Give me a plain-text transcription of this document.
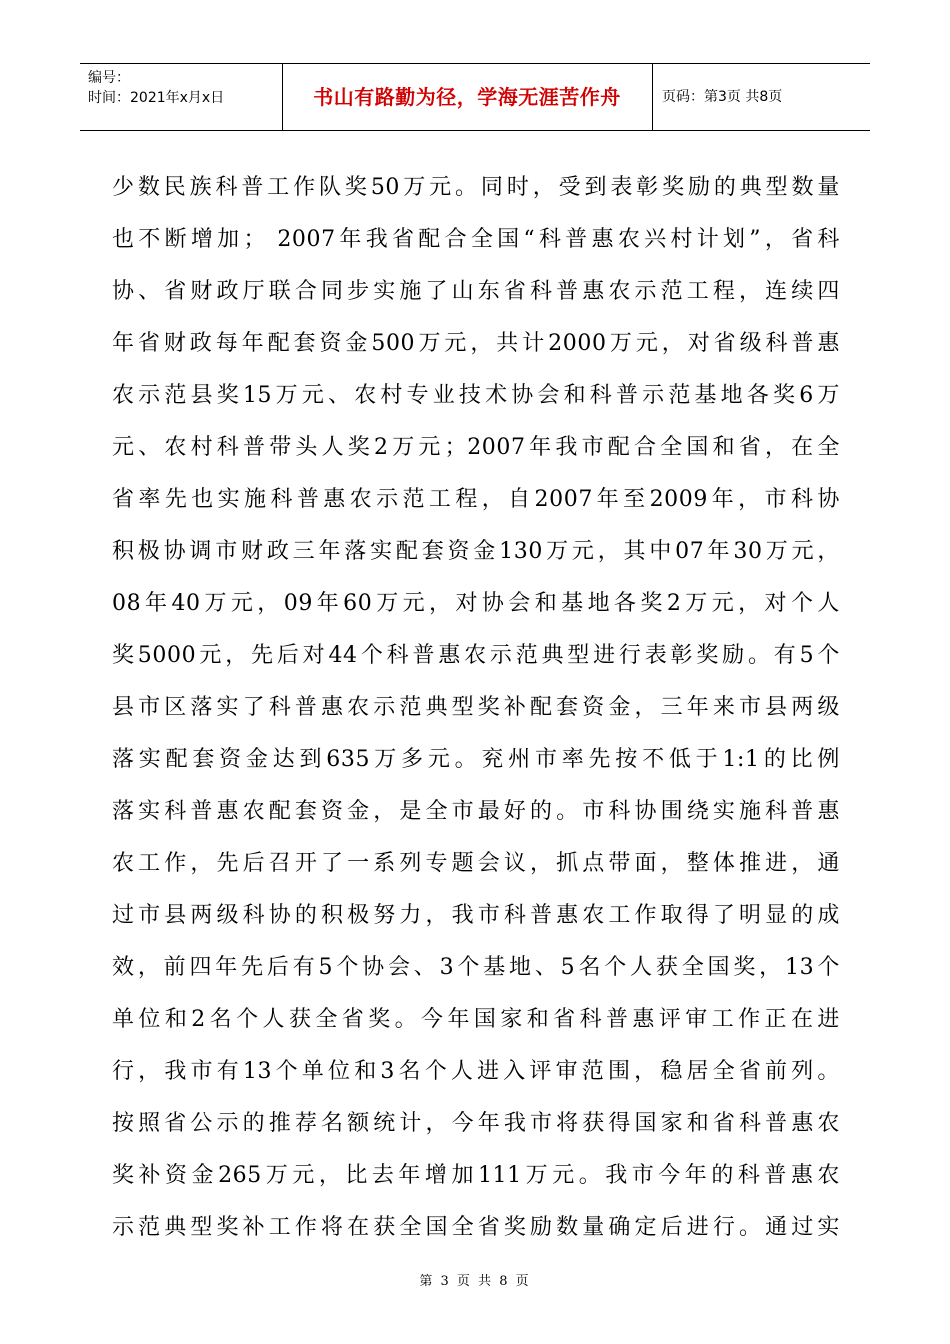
编号：
时间：2021年x月x日	书山有路勤为径，学海无涯苦作舟	页码：第3页 共8页
少数民族科普工作队奖50万元。同时，受到表彰奖励的典型数量
也不断增加； 2007年我省配合全国“科普惠农兴村计划”，省科
协、省财政厅联合同步实施了山东省科普惠农示范工程，连续四
年省财政每年配套资金500万元，共计2000万元，对省级科普惠
农示范县奖15万元、农村专业技术协会和科普示范基地各奖6万
元、农村科普带头人奖2万元；2007年我市配合全国和省，在全
省率先也实施科普惠农示范工程，自2007年至2009年，市科协
积极协调市财政三年落实配套资金130万元，其中07年30万元，
08年40万元，09年60万元，对协会和基地各奖2万元，对个人
奖5000元，先后对44个科普惠农示范典型进行表彰奖励。有5个
县市区落实了科普惠农示范典型奖补配套资金，三年来市县两级
落实配套资金达到635万多元。兖州市率先按不低于1:1的比例
落实科普惠农配套资金，是全市最好的。市科协围绕实施科普惠
农工作，先后召开了一系列专题会议，抓点带面，整体推进，通
过市县两级科协的积极努力，我市科普惠农工作取得了明显的成
效，前四年先后有5个协会、3个基地、5名个人获全国奖，13个
单位和2名个人获全省奖。今年国家和省科普惠评审工作正在进
行，我市有13个单位和3名个人进入评审范围，稳居全省前列。
按照省公示的推荐名额统计，今年我市将获得国家和省科普惠农
奖补资金265万元，比去年增加111万元。我市今年的科普惠农
示范典型奖补工作将在获全国全省奖励数量确定后进行。通过实
第 3 页 共 8 页
